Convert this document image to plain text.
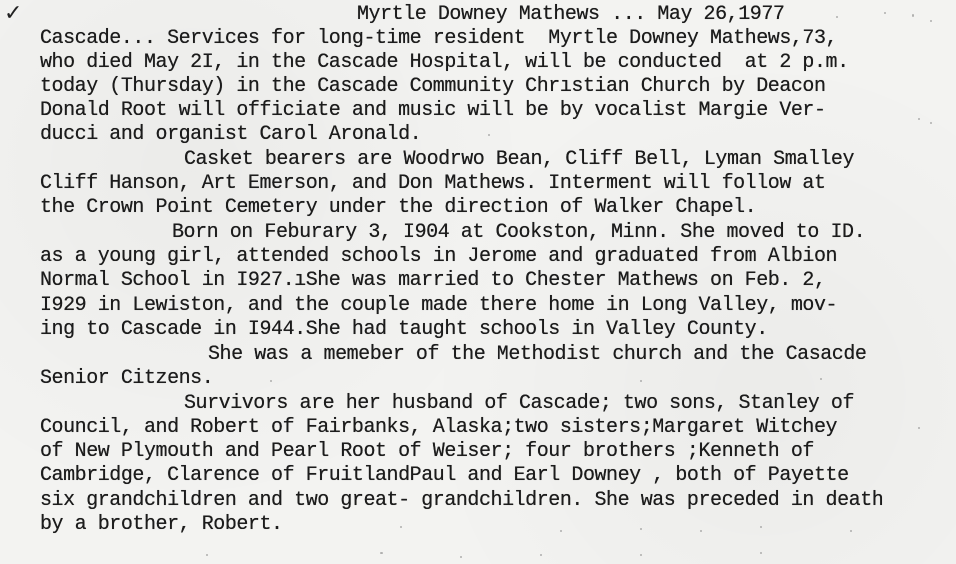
✓	Myrtle Downey Mathews ... May 26,1977
Cascade... Services for long-time resident  Myrtle Downey Mathews,73,
who died May 2I, in the Cascade Hospital, will be conducted  at 2 p.m.
today (Thursday) in the Cascade Community Chrıstian Church by Deacon
Donald Root will officiate and music will be by vocalist Margie Ver-
ducci and organist Carol Aronald.
Casket bearers are Woodrwo Bean, Cliff Bell, Lyman Smalley
Cliff Hanson, Art Emerson, and Don Mathews. Interment will follow at
the Crown Point Cemetery under the direction of Walker Chapel.
Born on Feburary 3, I904 at Cookston, Minn. She moved to ID.
as a young girl, attended schools in Jerome and graduated from Albion
Normal School in I927.ıShe was married to Chester Mathews on Feb. 2,
I929 in Lewiston, and the couple made there home in Long Valley, mov-
ing to Cascade in I944.She had taught schools in Valley County.
She was a memeber of the Methodist church and the Casacde
Senior Citzens.
Survivors are her husband of Cascade; two sons, Stanley of
Council, and Robert of Fairbanks, Alaska;two sisters;Margaret Witchey
of New Plymouth and Pearl Root of Weiser; four brothers ;Kenneth of
Cambridge, Clarence of FruitlandPaul and Earl Downey , both of Payette
six grandchildren and two great- grandchildren. She was preceded in death
by a brother, Robert.
